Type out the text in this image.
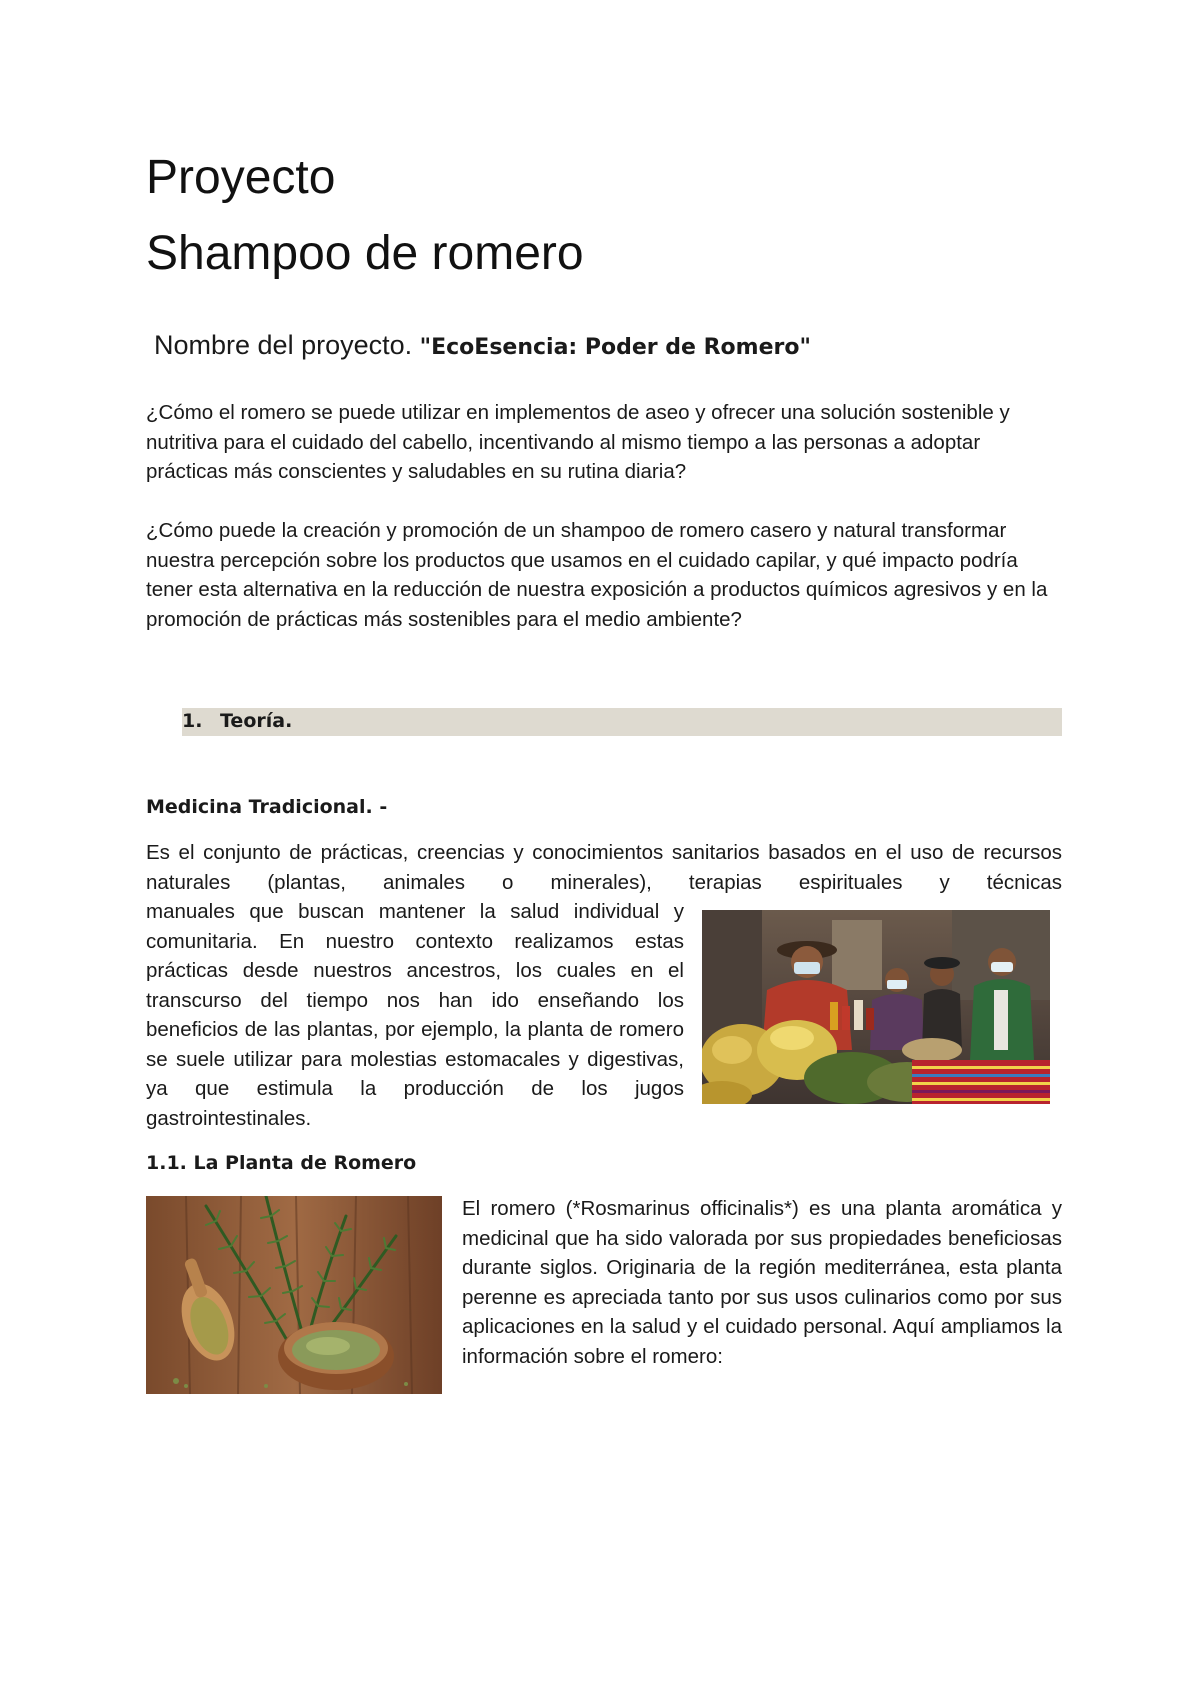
Proyecto
Shampoo de romero
Nombre del proyecto. "EcoEsencia: Poder de Romero"

¿Cómo el romero se puede utilizar en implementos de aseo y ofrecer una solución sostenible y nutritiva para el cuidado del cabello, incentivando al mismo tiempo a las personas a adoptar prácticas más conscientes y saludables en su rutina diaria?

¿Cómo puede la creación y promoción de un shampoo de romero casero y natural transformar nuestra percepción sobre los productos que usamos en el cuidado capilar, y qué impacto podría tener esta alternativa en la reducción de nuestra exposición a productos químicos agresivos y en la promoción de prácticas más sostenibles para el medio ambiente?

1. Teoría.
Medicina Tradicional. -

Es el conjunto de prácticas, creencias y conocimientos sanitarios basados en el uso de recursos naturales (plantas, animales o minerales), terapias espirituales y técnicas

manuales que buscan mantener la salud individual y comunitaria. En nuestro contexto realizamos estas prácticas desde nuestros ancestros, los cuales en el transcurso del tiempo nos han ido enseñando los beneficios de las plantas, por ejemplo, la planta de romero se suele utilizar para molestias estomacales y digestivas, ya que estimula la producción de los jugos gastrointestinales.

1.1. La Planta de Romero

El romero (*Rosmarinus officinalis*) es una planta aromática y medicinal que ha sido valorada por sus propiedades beneficiosas durante siglos. Originaria de la región mediterránea, esta planta perenne es apreciada tanto por sus usos culinarios como por sus aplicaciones en la salud y el cuidado personal. Aquí ampliamos la información sobre el romero:
